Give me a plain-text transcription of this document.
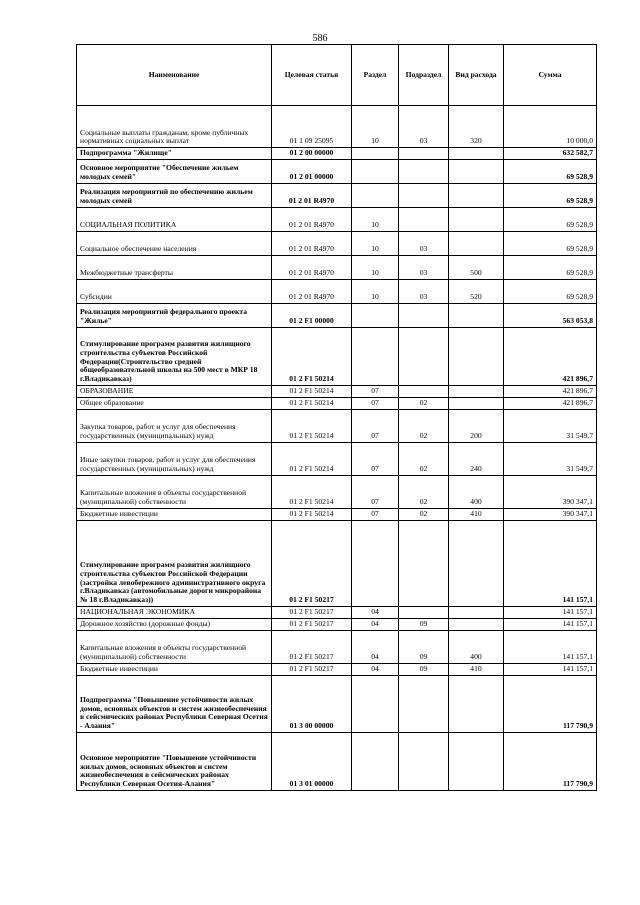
586
Наименование	Целевая статья	Раздел	Подраздел	Вид расхода	Сумма
Социальные выплаты гражданам, кроме публичных нормативных социальных выплат	01 1 09 25095	10	03	320	10 000,0
Подпрограмма "Жилище"	01 2 00 00000				632 582,7
Основное мероприятие "Обеспечение жильем молодых семей"	01 2 01 00000				69 528,9
Реализация мероприятий по обеспечению жильем молодых семей	01 2 01 R4970				69 528,9
СОЦИАЛЬНАЯ ПОЛИТИКА	01 2 01 R4970	10			69 528,9
Социальное обеспечение населения	01 2 01 R4970	10	03		69 528,9
Межбюджетные трансферты	01 2 01 R4970	10	03	500	69 528,9
Субсидии	01 2 01 R4970	10	03	520	69 528,9
Реализация мероприятий федерального проекта "Жилье"	01 2 F1 00000				563 053,8
Стимулирование программ развития жилищного строительства субъектов Российской Федерации(Строительство средней общеобразовательной школы на 500 мест в МКР 18 г.Владикавказ)	01 2 F1 50214				421 896,7
ОБРАЗОВАНИЕ	01 2 F1 50214	07			421 896,7
Общее образование	01 2 F1 50214	07	02		421 896,7
Закупка товаров, работ и услуг для обеспечения государственных (муниципальных) нужд	01 2 F1 50214	07	02	200	31 549,7
Иные закупки товаров, работ и услуг для обеспечения государственных (муниципальных) нужд	01 2 F1 50214	07	02	240	31 549,7
Капитальные вложения в объекты государственной (муниципальной) собственности	01 2 F1 50214	07	02	400	390 347,1
Бюджетные инвестиции	01 2 F1 50214	07	02	410	390 347,1
Стимулирование программ развития жилищного строительства субъектов Российской Федерации (застройка левобережного административного округа г.Владикавказ (автомобильные дороги микрорайона № 18 г.Владикавказ))	01 2 F1 50217				141 157,1
НАЦИОНАЛЬНАЯ ЭКОНОМИКА	01 2 F1 50217	04			141 157,1
Дорожное хозяйство (дорожные фонды)	01 2 F1 50217	04	09		141 157,1
Капитальные вложения в объекты государственной (муниципальной) собственности	01 2 F1 50217	04	09	400	141 157,1
Бюджетные инвестиции	01 2 F1 50217	04	09	410	141 157,1
Подпрограмма "Повышение устойчивости жилых домов, основных объектов и систем жизнеобеспечения в сейсмических районах Республики Северная Осетия - Алания"	01 3 00 00000				117 790,9
Основное мероприятие "Повышение устойчивости жилых домов, основных объектов и систем жизнеобеспечения в сейсмических районах Республики Северная Осетия-Алания"	01 3 01 00000				117 790,9
